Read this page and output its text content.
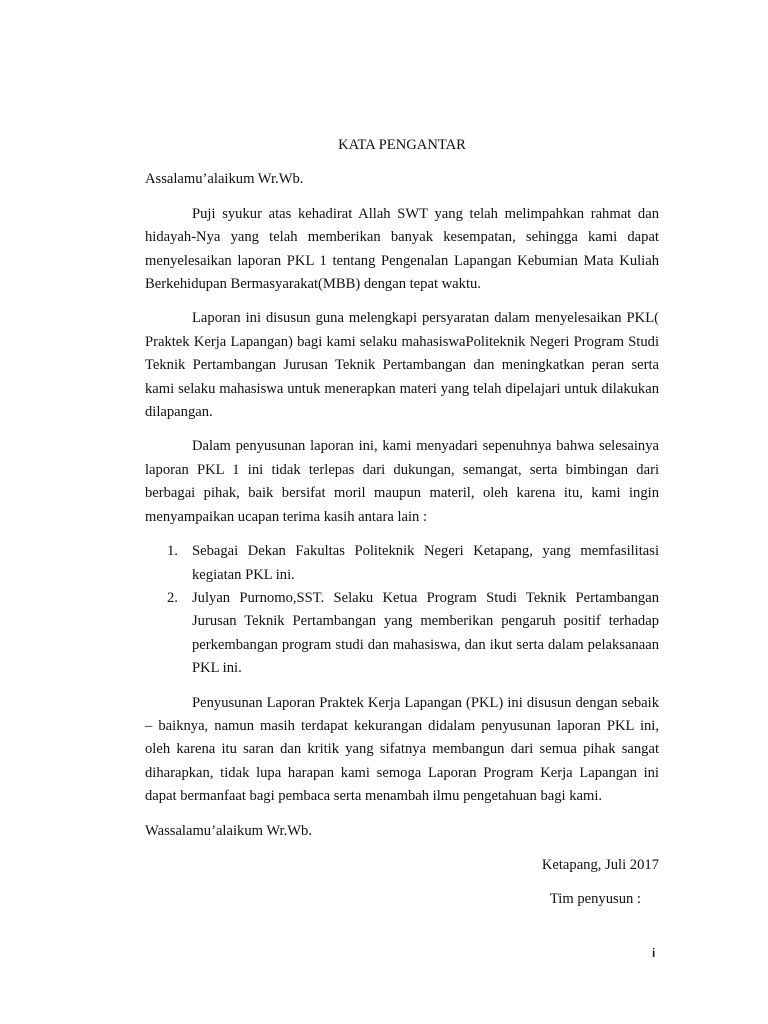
KATA PENGANTAR

Assalamu’alaikum Wr.Wb.

Puji syukur atas kehadirat Allah SWT yang telah melimpahkan rahmat dan hidayah-Nya yang telah memberikan banyak kesempatan, sehingga kami dapat menyelesaikan laporan PKL 1 tentang Pengenalan Lapangan Kebumian Mata Kuliah Berkehidupan Bermasyarakat(MBB) dengan tepat waktu.

Laporan ini disusun guna melengkapi persyaratan dalam menyelesaikan PKL( Praktek Kerja Lapangan) bagi kami selaku mahasiswaPoliteknik Negeri Program Studi Teknik Pertambangan Jurusan Teknik Pertambangan dan meningkatkan peran serta kami selaku mahasiswa untuk menerapkan materi yang telah dipelajari untuk dilakukan dilapangan.

Dalam penyusunan laporan ini, kami menyadari sepenuhnya bahwa selesainya laporan PKL 1 ini tidak terlepas dari dukungan, semangat, serta bimbingan dari berbagai pihak, baik bersifat moril maupun materil, oleh karena itu, kami ingin menyampaikan ucapan terima kasih antara lain :

1. Sebagai Dekan Fakultas Politeknik Negeri Ketapang, yang memfasilitasi kegiatan PKL ini.
2. Julyan Purnomo,SST. Selaku Ketua Program Studi Teknik Pertambangan Jurusan Teknik Pertambangan yang memberikan pengaruh positif terhadap perkembangan program studi dan mahasiswa, dan ikut serta dalam pelaksanaan PKL ini.

Penyusunan Laporan Praktek Kerja Lapangan (PKL) ini disusun dengan sebaik – baiknya, namun masih terdapat kekurangan didalam penyusunan laporan PKL ini, oleh karena itu saran dan kritik yang sifatnya membangun dari semua pihak sangat diharapkan, tidak lupa harapan kami semoga Laporan Program Kerja Lapangan ini dapat bermanfaat bagi pembaca serta menambah ilmu pengetahuan bagi kami.

Wassalamu’alaikum Wr.Wb.

Ketapang, Juli 2017

Tim penyusun :

i
